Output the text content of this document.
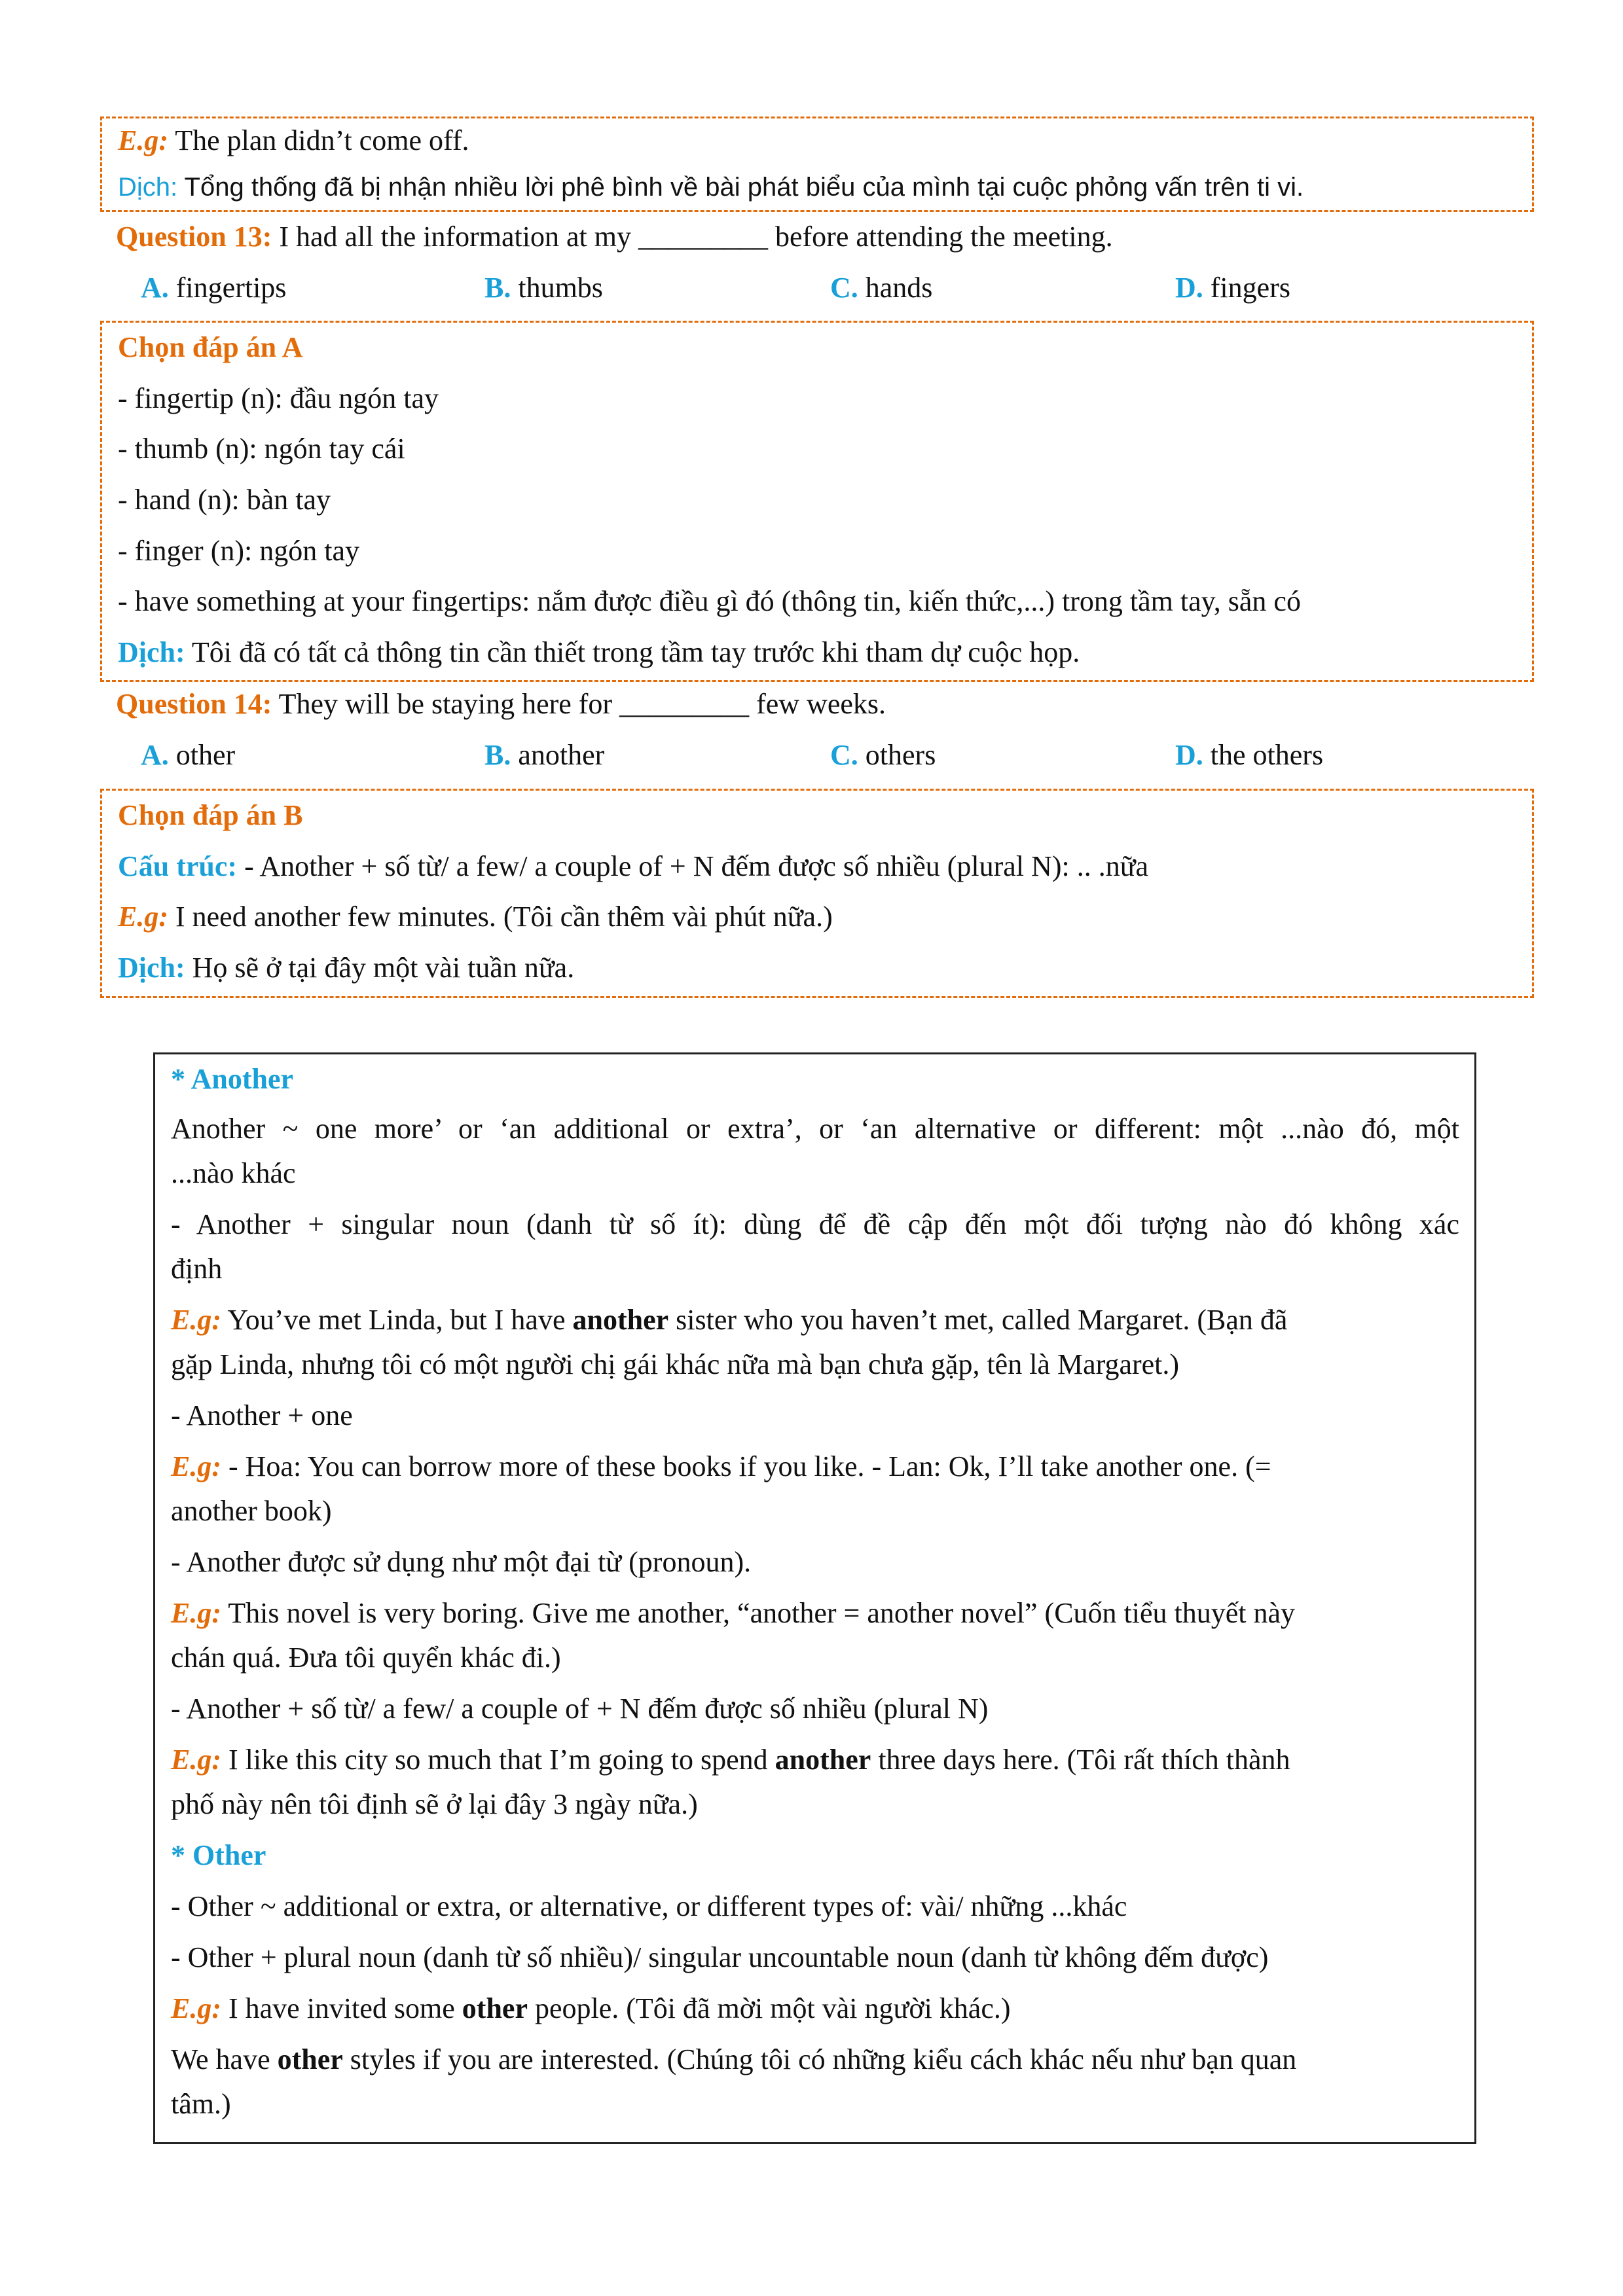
E.g: The plan didn’t come off.
Dịch: Tổng thống đã bị nhận nhiều lời phê bình về bài phát biểu của mình tại cuộc phỏng vấn trên ti vi.
Question 13: I had all the information at my _________ before attending the meeting.
A. fingertips	B. thumbs	C. hands	D. fingers
Chọn đáp án A
- fingertip (n): đầu ngón tay
- thumb (n): ngón tay cái
- hand (n): bàn tay
- finger (n): ngón tay
- have something at your fingertips: nắm được điều gì đó (thông tin, kiến thức,...) trong tầm tay, sẵn có
Dịch: Tôi đã có tất cả thông tin cần thiết trong tầm tay trước khi tham dự cuộc họp.
Question 14: They will be staying here for _________ few weeks.
A. other	B. another	C. others	D. the others
Chọn đáp án B
Cấu trúc: - Another + số từ/ a few/ a couple of + N đếm được số nhiều (plural N): .. .nữa
E.g: I need another few minutes. (Tôi cần thêm vài phút nữa.)
Dịch: Họ sẽ ở tại đây một vài tuần nữa.
* Another
Another ~ one more’ or ‘an additional or extra’, or ‘an alternative or different: một ...nào đó, một
...nào khác
- Another + singular noun (danh từ số ít): dùng để đề cập đến một đối tượng nào đó không xác
định
E.g: You’ve met Linda, but I have another sister who you haven’t met, called Margaret. (Bạn đã
gặp Linda, nhưng tôi có một người chị gái khác nữa mà bạn chưa gặp, tên là Margaret.)
- Another + one
E.g: - Hoa: You can borrow more of these books if you like. - Lan: Ok, I’ll take another one. (=
another book)
- Another được sử dụng như một đại từ (pronoun).
E.g: This novel is very boring. Give me another, “another = another novel” (Cuốn tiểu thuyết này
chán quá. Đưa tôi quyển khác đi.)
- Another + số từ/ a few/ a couple of + N đếm được số nhiều (plural N)
E.g: I like this city so much that I’m going to spend another three days here. (Tôi rất thích thành
phố này nên tôi định sẽ ở lại đây 3 ngày nữa.)
* Other
- Other ~ additional or extra, or alternative, or different types of: vài/ những ...khác
- Other + plural noun (danh từ số nhiều)/ singular uncountable noun (danh từ không đếm được)
E.g: I have invited some other people. (Tôi đã mời một vài người khác.)
We have other styles if you are interested. (Chúng tôi có những kiểu cách khác nếu như bạn quan
tâm.)
